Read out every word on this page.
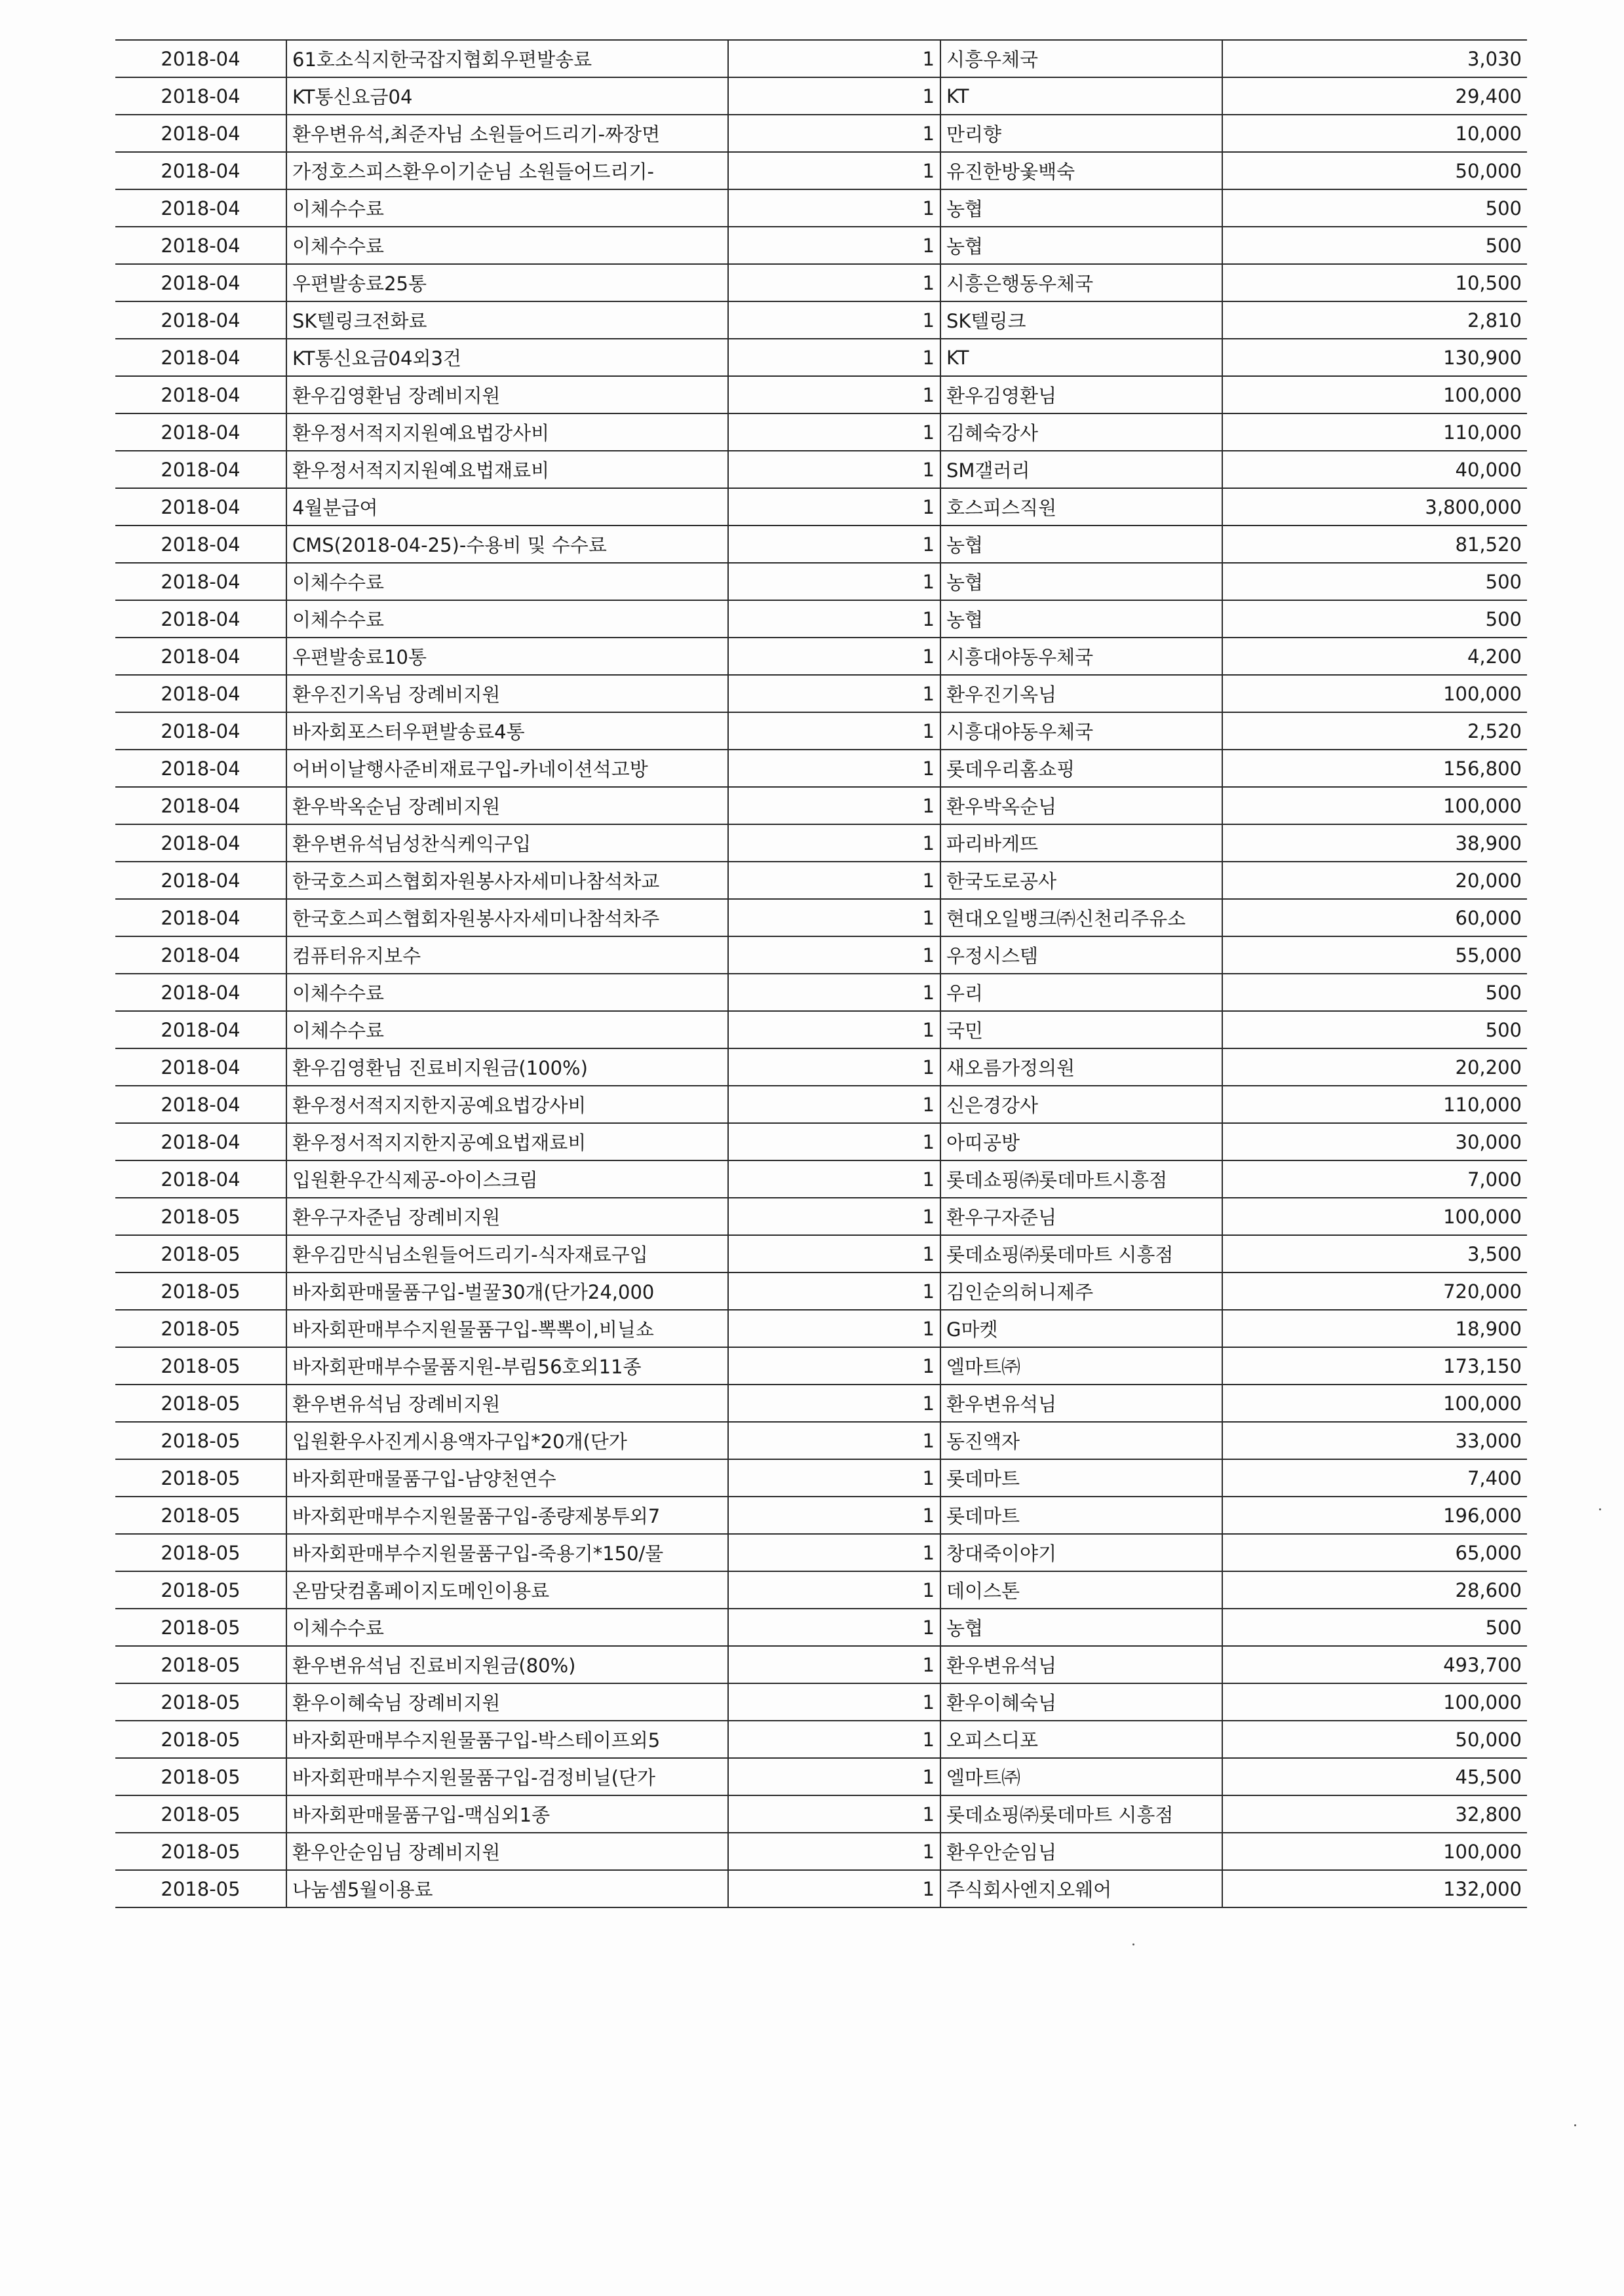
2018-04	61호소식지한국잡지협회우편발송료	1	시흥우체국	3,030
2018-04	KT통신요금04	1	KT	29,400
2018-04	환우변유석,최준자님 소원들어드리기-짜장면	1	만리향	10,000
2018-04	가정호스피스환우이기순님 소원들어드리기-	1	유진한방옻백숙	50,000
2018-04	이체수수료	1	농협	500
2018-04	이체수수료	1	농협	500
2018-04	우편발송료25통	1	시흥은행동우체국	10,500
2018-04	SK텔링크전화료	1	SK텔링크	2,810
2018-04	KT통신요금04외3건	1	KT	130,900
2018-04	환우김영환님 장례비지원	1	환우김영환님	100,000
2018-04	환우정서적지지원예요법강사비	1	김혜숙강사	110,000
2018-04	환우정서적지지원예요법재료비	1	SM갤러리	40,000
2018-04	4월분급여	1	호스피스직원	3,800,000
2018-04	CMS(2018-04-25)-수용비 및 수수료	1	농협	81,520
2018-04	이체수수료	1	농협	500
2018-04	이체수수료	1	농협	500
2018-04	우편발송료10통	1	시흥대야동우체국	4,200
2018-04	환우진기옥님 장례비지원	1	환우진기옥님	100,000
2018-04	바자회포스터우편발송료4통	1	시흥대야동우체국	2,520
2018-04	어버이날행사준비재료구입-카네이션석고방	1	롯데우리홈쇼핑	156,800
2018-04	환우박옥순님 장례비지원	1	환우박옥순님	100,000
2018-04	환우변유석님성찬식케익구입	1	파리바게뜨	38,900
2018-04	한국호스피스협회자원봉사자세미나참석차교	1	한국도로공사	20,000
2018-04	한국호스피스협회자원봉사자세미나참석차주	1	현대오일뱅크㈜신천리주유소	60,000
2018-04	컴퓨터유지보수	1	우정시스템	55,000
2018-04	이체수수료	1	우리	500
2018-04	이체수수료	1	국민	500
2018-04	환우김영환님 진료비지원금(100%)	1	새오름가정의원	20,200
2018-04	환우정서적지지한지공예요법강사비	1	신은경강사	110,000
2018-04	환우정서적지지한지공예요법재료비	1	아띠공방	30,000
2018-04	입원환우간식제공-아이스크림	1	롯데쇼핑㈜롯데마트시흥점	7,000
2018-05	환우구자준님 장례비지원	1	환우구자준님	100,000
2018-05	환우김만식님소원들어드리기-식자재료구입	1	롯데쇼핑㈜롯데마트 시흥점	3,500
2018-05	바자회판매물품구입-벌꿀30개(단가24,000	1	김인순의허니제주	720,000
2018-05	바자회판매부수지원물품구입-뽁뽁이,비닐쇼	1	G마켓	18,900
2018-05	바자회판매부수물품지원-부림56호외11종	1	엘마트㈜	173,150
2018-05	환우변유석님 장례비지원	1	환우변유석님	100,000
2018-05	입원환우사진게시용액자구입*20개(단가	1	동진액자	33,000
2018-05	바자회판매물품구입-남양천연수	1	롯데마트	7,400
2018-05	바자회판매부수지원물품구입-종량제봉투외7	1	롯데마트	196,000
2018-05	바자회판매부수지원물품구입-죽용기*150/물	1	창대죽이야기	65,000
2018-05	온맘닷컴홈페이지도메인이용료	1	데이스톤	28,600
2018-05	이체수수료	1	농협	500
2018-05	환우변유석님 진료비지원금(80%)	1	환우변유석님	493,700
2018-05	환우이혜숙님 장례비지원	1	환우이혜숙님	100,000
2018-05	바자회판매부수지원물품구입-박스테이프외5	1	오피스디포	50,000
2018-05	바자회판매부수지원물품구입-검정비닐(단가	1	엘마트㈜	45,500
2018-05	바자회판매물품구입-맥심외1종	1	롯데쇼핑㈜롯데마트 시흥점	32,800
2018-05	환우안순임님 장례비지원	1	환우안순임님	100,000
2018-05	나눔셈5월이용료	1	주식회사엔지오웨어	132,000
